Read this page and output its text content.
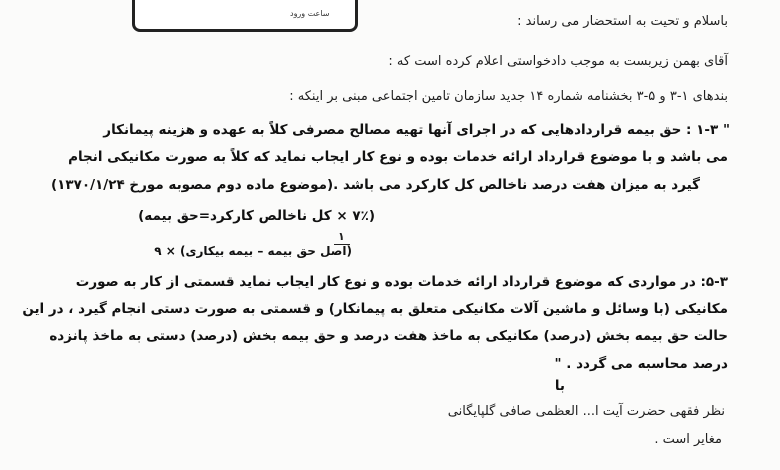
ساعت ورود
باسلام و تحیت به استحضار می رساند :
آقای بهمن زیربست به موجب دادخواستی اعلام کرده است که :
بندهای ۱-۳ و ۵-۳ بخشنامه شماره ۱۴ جدید سازمان تامین اجتماعی مبنی بر اینکه :
" ۱-۳ : حق بیمه قراردادهایی که در اجرای آنها تهیه مصالح مصرفی کلاً به عهده و هزینه پیمانکار
می باشد و با موضوع قرارداد ارائه خدمات بوده و نوع کار ایجاب نماید که کلاً به صورت مکانیکی انجام
گیرد به میزان هفت درصد ناخالص کل کارکرد می باشد .(موضوع ماده دوم مصوبه مورخ ۱۳۷۰/۱/۲۴)
(۷٪ × کل ناخالص کارکرد=حق بیمه)
۱
(اصل حق بیمه – بیمه بیکاری) × ۹
۵-۳: در مواردی که موضوع قرارداد ارائه خدمات بوده و نوع کار ایجاب نماید قسمتی از کار به صورت
مکانیکی (با وسائل و ماشین آلات مکانیکی متعلق به پیمانکار) و قسمتی به صورت دستی انجام گیرد ، در این
حالت حق بیمه بخش (درصد) مکانیکی به ماخذ هفت درصد و حق بیمه بخش (درصد) دستی به ماخذ پانزده
درصد محاسبه می گردد . "
با
نظر فقهی حضرت آیت ا... العظمی صافی گلپایگانی
مغایر است .
